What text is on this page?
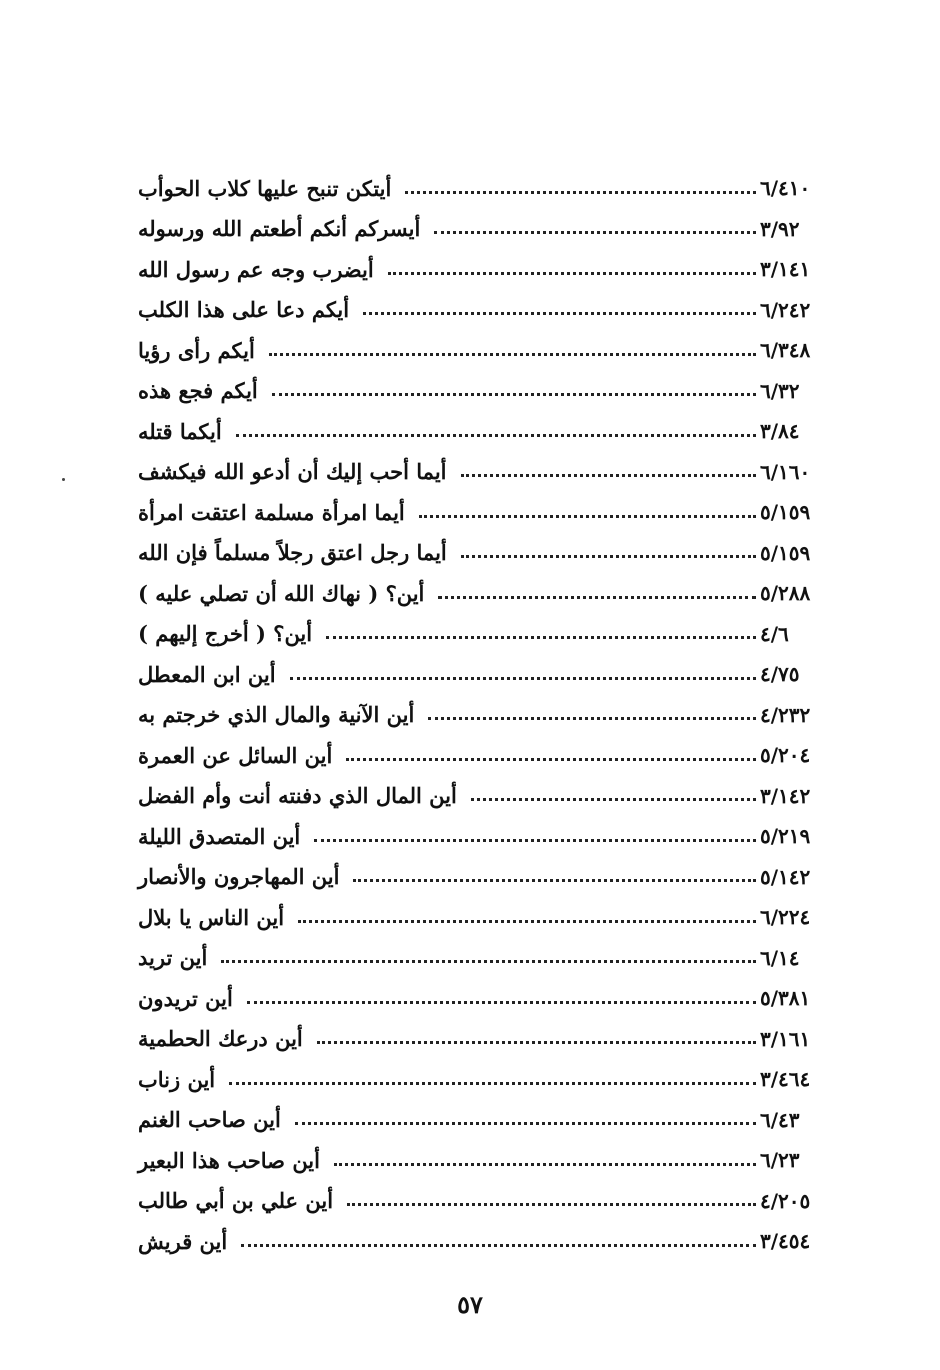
أيتكن تنبح عليها كلاب الحوأب	٦/٤١٠
أيسركم أنكم أطعتم الله ورسوله	٣/٩٢
أيضرب وجه عم رسول الله	٣/١٤١
أيكم دعا على هذا الكلب	٦/٢٤٢
أيكم رأى رؤيا	٦/٣٤٨
أيكم فجع هذه	٦/٣٢
أيكما قتله	٣/٨٤
أيما أحب إليك أن أدعو الله فيكشف	٦/١٦٠
أيما امرأة مسلمة اعتقت امرأة	٥/١٥٩
أيما رجل اعتق رجلاً مسلماً فإن الله	٥/١٥٩
أين؟ ( نهاك الله أن تصلي عليه )	٥/٢٨٨
أين؟ ( أخرج إليهم )	٤/٦
أين ابن المعطل	٤/٧٥
أين الآنية والمال الذي خرجتم به	٤/٢٣٢
أين السائل عن العمرة	٥/٢٠٤
أين المال الذي دفنته أنت وأم الفضل	٣/١٤٢
أين المتصدق الليلة	٥/٢١٩
أين المهاجرون والأنصار	٥/١٤٢
أين الناس يا بلال	٦/٢٢٤
أين تريد	٦/١٤
أين تريدون	٥/٣٨١
أين درعك الحطمية	٣/١٦١
أين زناب	٣/٤٦٤
أين صاحب الغنم	٦/٤٣
أين صاحب هذا البعير	٦/٢٣
أين علي بن أبي طالب	٤/٢٠٥
أين قريش	٣/٤٥٤
٥٧
